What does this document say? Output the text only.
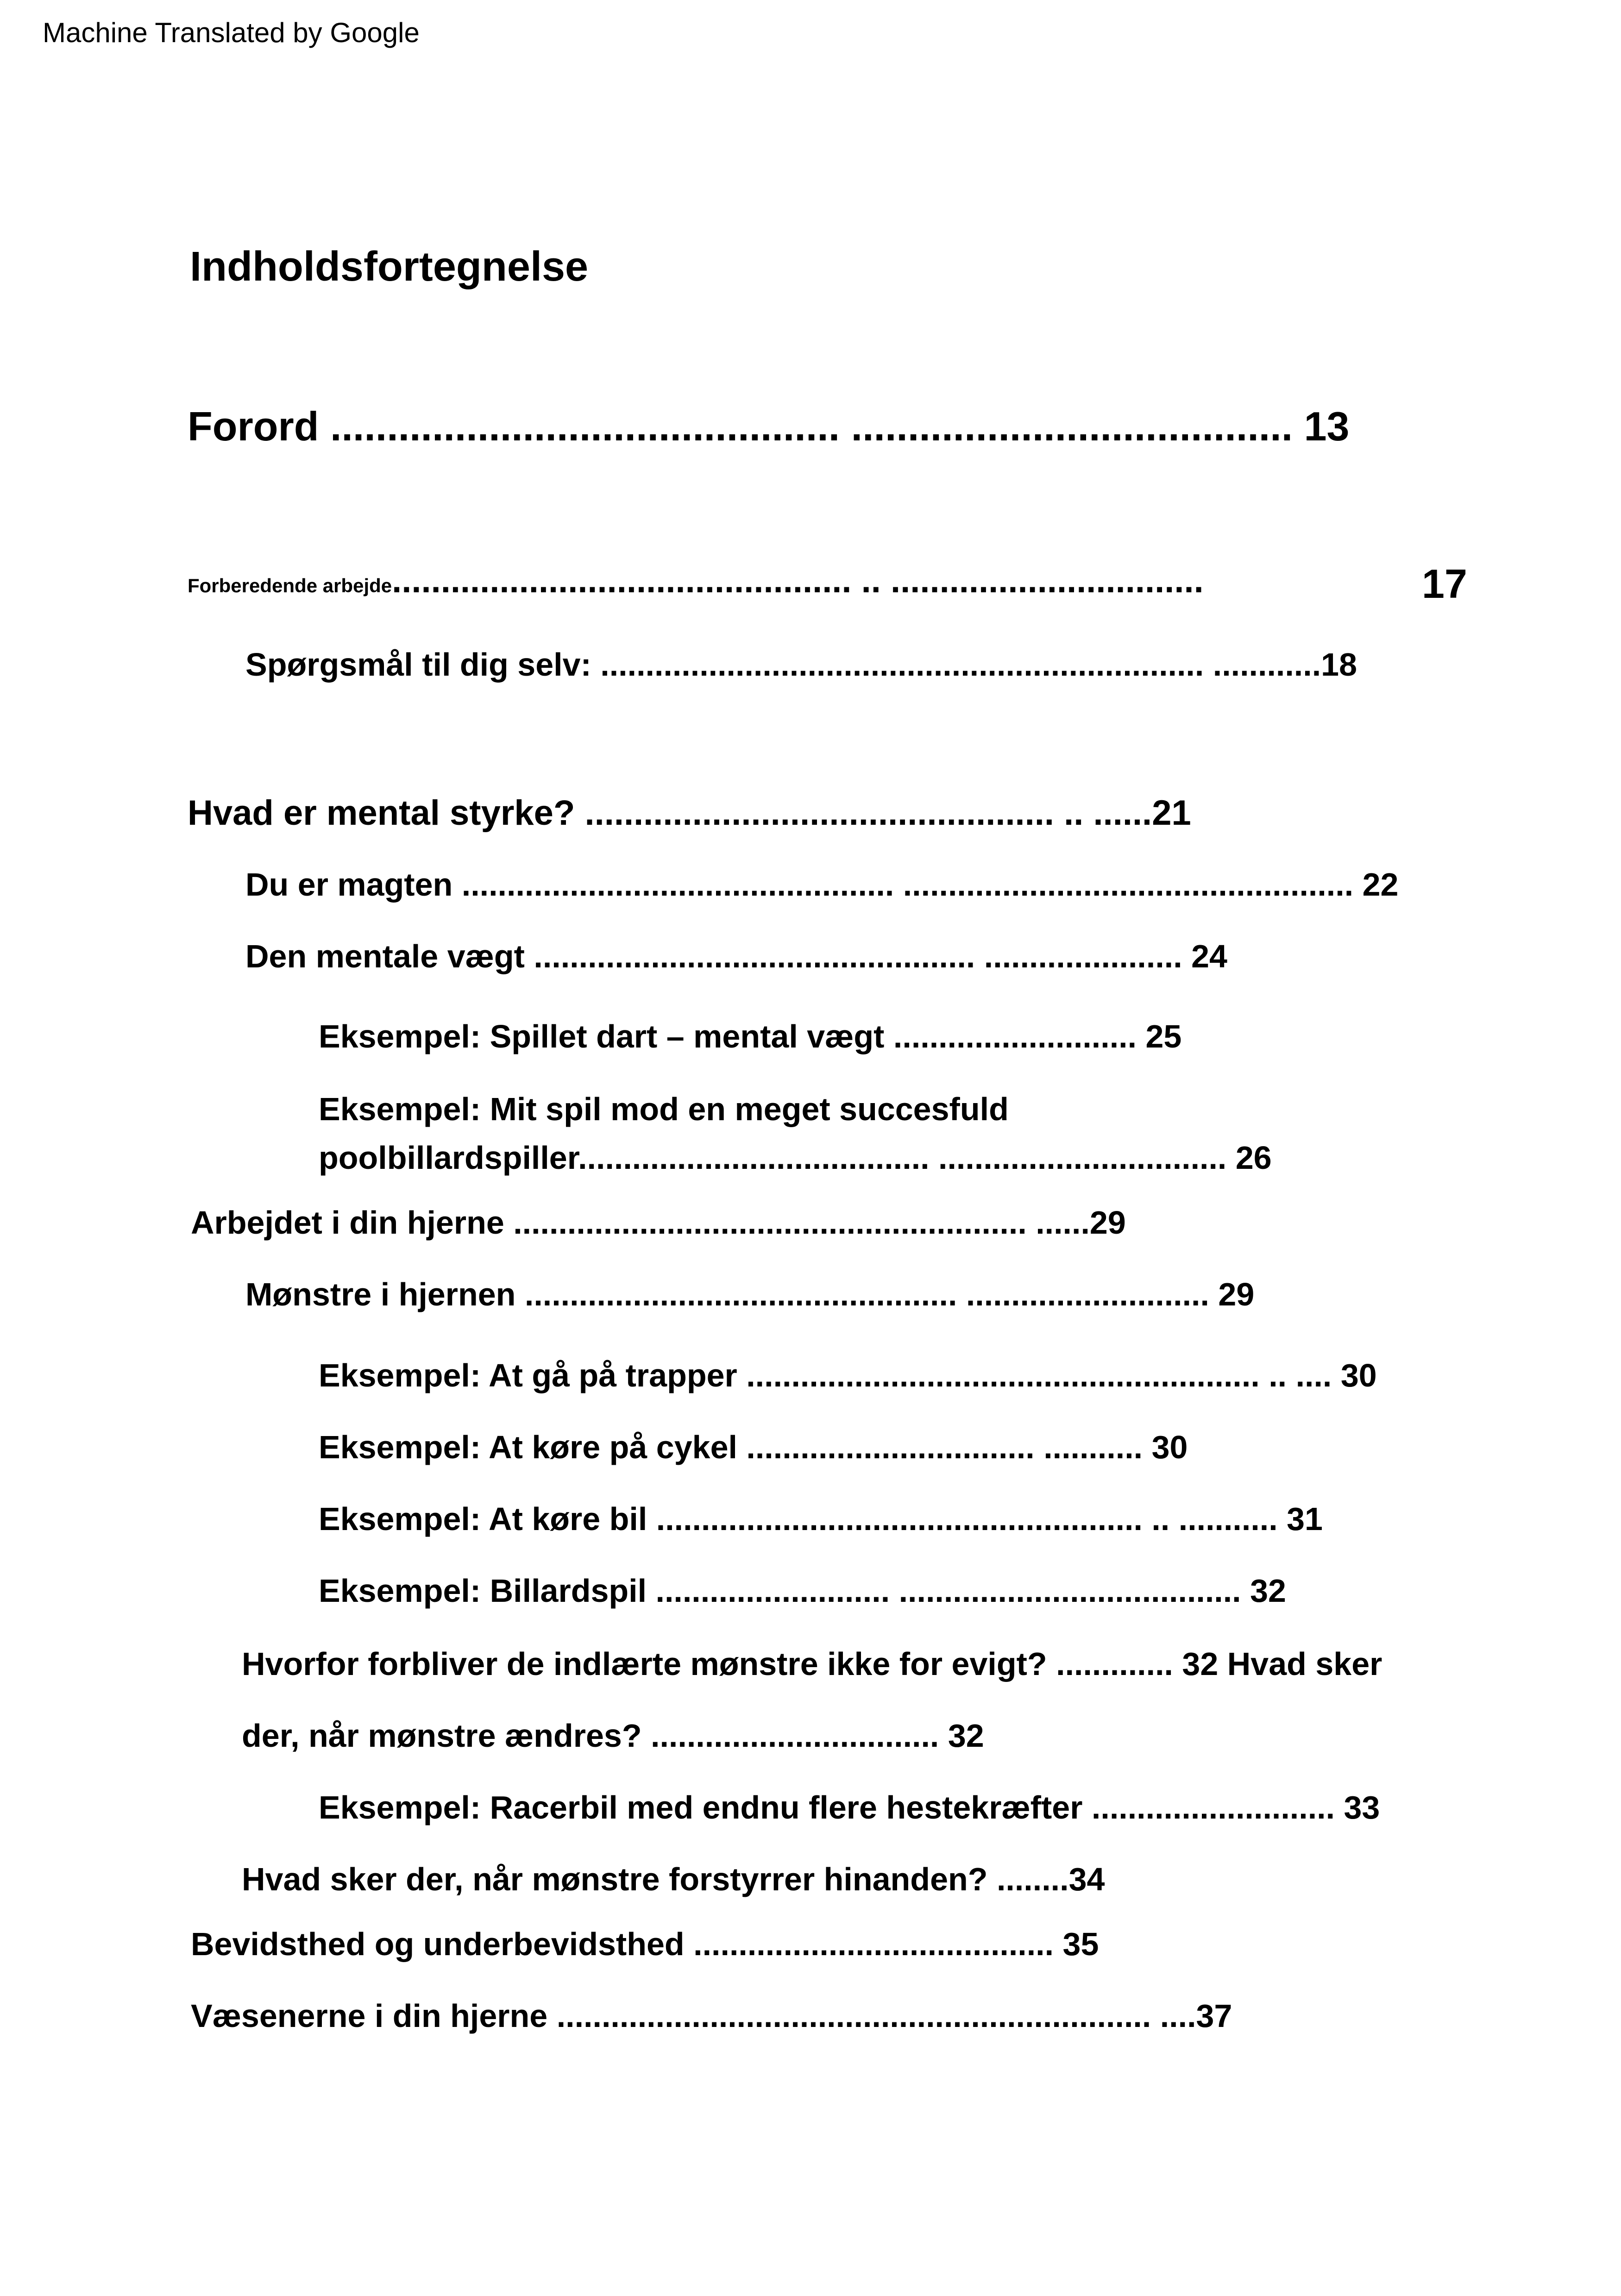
Machine Translated by Google
Indholdsfortegnelse
Forord ............................................. ....................................... 13
Forberedende arbejde............................................... .. ................................	17
Spørgsmål til dig selv: ................................................................... ............18
Hvad er mental styrke? ................................................ .. ......21
Du er magten ................................................ .................................................. 22
Den mentale vægt ................................................. ...................... 24
Eksempel: Spillet dart – mental vægt ........................... 25
Eksempel: Mit spil mod en meget succesfuld
poolbillardspiller....................................... ................................ 26
Arbejdet i din hjerne ......................................................... ......29
Mønstre i hjernen ................................................ ........................... 29
Eksempel: At gå på trapper ......................................................... .. .... 30
Eksempel: At køre på cykel ................................ ........... 30
Eksempel: At køre bil ...................................................... .. ........... 31
Eksempel: Billardspil .......................... ...................................... 32
Hvorfor forbliver de indlærte mønstre ikke for evigt? ............. 32 Hvad sker
der, når mønstre ændres? ................................ 32
Eksempel: Racerbil med endnu flere hestekræfter ........................... 33
Hvad sker der, når mønstre forstyrrer hinanden? ........34
Bevidsthed og underbevidsthed ........................................ 35
Væsenerne i din hjerne .................................................................. ....37
